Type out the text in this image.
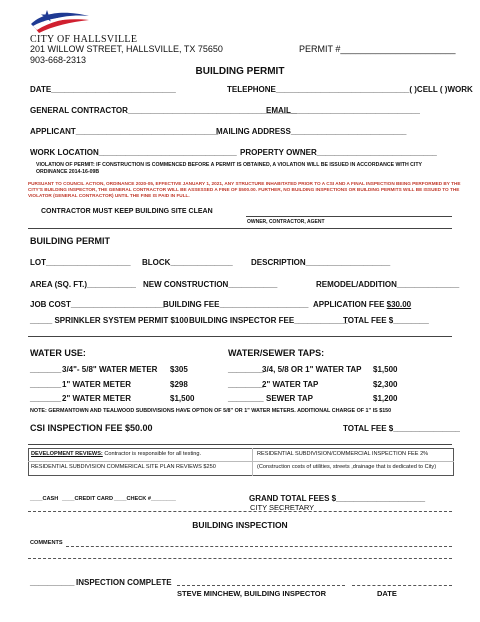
CITY OF HALLSVILLE
201 WILLOW STREET, HALLSVILLE, TX 75650
903-668-2313
PERMIT #_______________________
BUILDING PERMIT
DATE____________________________	TELEPHONE______________________________( )CELL ( )WORK
GENERAL CONTRACTOR______________________________________
EMAIL_____________________________
APPLICANT________________________________
MAILING ADDRESS__________________________
WORK LOCATION_______________________________ PROPERTY OWNER___________________________
VIOLATION OF PERMIT: IF CONSTRUCTION IS COMMENCED BEFORE A PERMIT IS OBTAINED, A VIOLATION WILL BE ISSUED IN ACCORDANCE WITH CITY
ORDINANCE 2014-16-09B
PURSUANT TO COUNCIL ACTION, ORDINANCE 2020-05, EFFECTIVE JANUARY 1, 2021, ANY STRUCTURE INHABITATED PRIOR TO A CSI AND A FINAL INSPECTION BEING PERFORMED BY THE
CITY'S BUILDING INSPECTOR, THE GENERAL CONTRACTOR WILL BE ASSESSED A FINE OF $500.00. FURTHER, NO BUILDING INSPECTIONS OR BUILDING PERMITS WILL BE ISSUED TO THE
VIOLATOR (GENERAL CONTRACTOR) UNTIL THE FINE IS PAID IN FULL.
CONTRACTOR MUST KEEP BUILDING SITE CLEAN
OWNER, CONTRACTOR, AGENT
BUILDING PERMIT
LOT___________________ BLOCK______________ DESCRIPTION___________________
AREA (SQ. FT.)___________ NEW CONSTRUCTION___________	REMODEL/ADDITION______________
JOB COST_____________________
BUILDING FEE____________________ APPLICATION FEE $30.00
_____ SPRINKLER SYSTEM PERMIT $100 BUILDING INSPECTOR FEE____________
TOTAL FEE $________
WATER USE:	WATER/SEWER TAPS:
_______ 3/4"- 5/8" WATER METER $305
_______ 1" WATER METER	$298
_______ 2" WATER METER	$1,500
________
3/4, 5/8 OR 1" WATER TAP $1,500
________
2" WATER TAP	$2,300
________ SEWER TAP	$1,200
NOTE: GERMANTOWN AND TEALWOOD SUBDIVISIONS HAVE OPTION OF 5/8" OR 1" WATER METERS. ADDITIONAL CHARGE OF 1" IS $150
CSI INSPECTION FEE $50.00	TOTAL FEE $_______________
DEVELOPMENT REVIEWS: Contractor is responsible for all testing.	RESIDENTIAL SUBDIVISION/COMMERCIAL INSPECTION FEE 2%
RESIDENTIAL SUBDIVISION COMMERICAL SITE PLAN REVIEWS $250	(Construction costs of utilities, streets ,drainage that is dedicated to City)
____CASH ____CREDIT CARD ____CHECK #________	GRAND TOTAL FEES $____________________
CITY SECRETARY
BUILDING INSPECTION
COMMENTS
__________ INSPECTION COMPLETE
STEVE MINCHEW, BUILDING INSPECTOR	DATE
